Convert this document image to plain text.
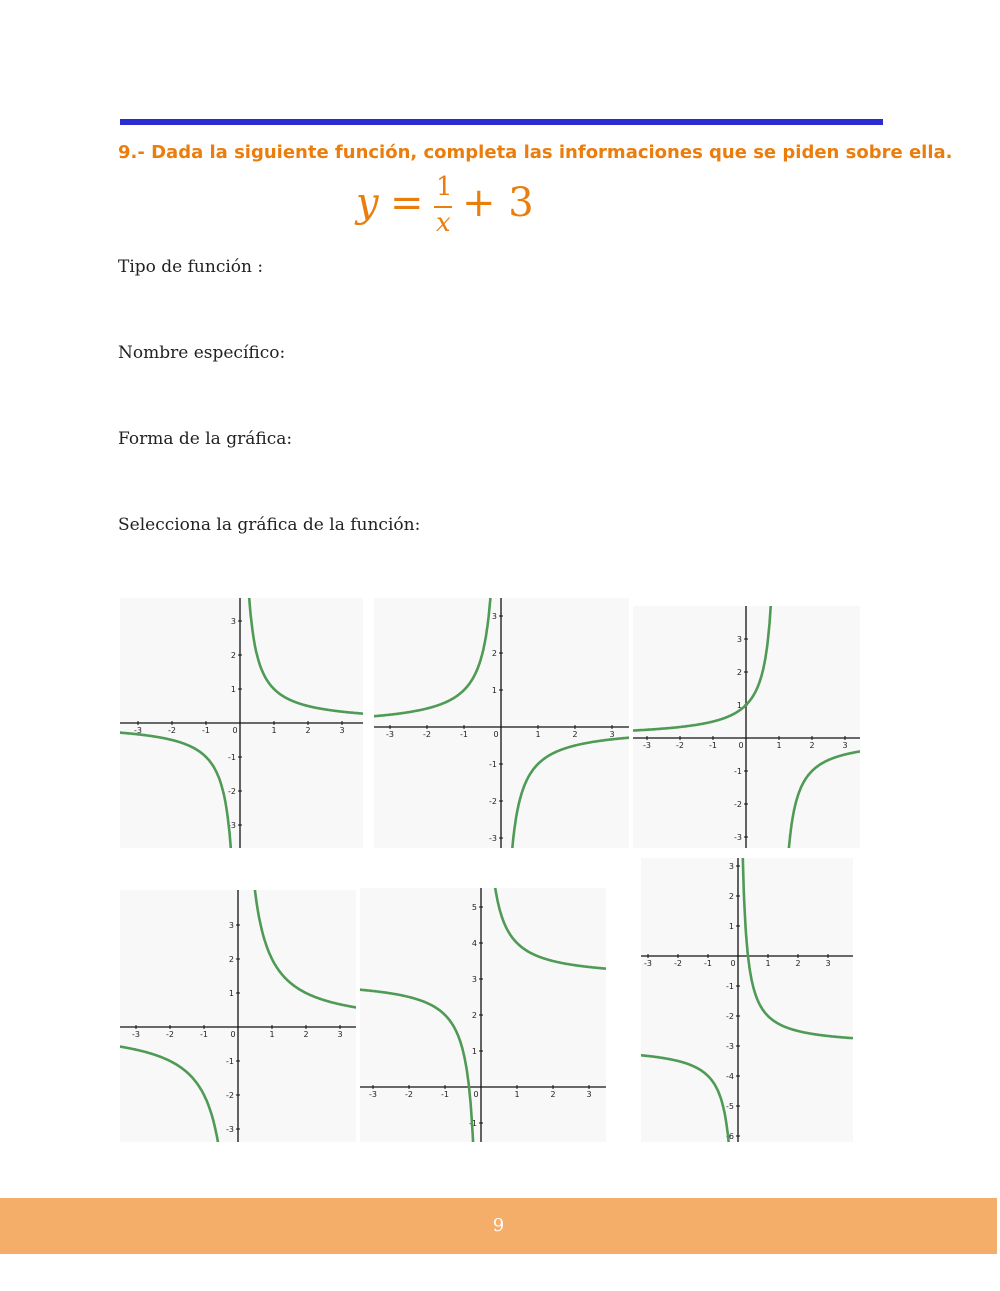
9.- Dada la siguiente función, completa las informaciones que se piden sobre ella.

y = 1
x + 3

Tipo de función :

Nombre específico:

Forma de la gráfica:

Selecciona la gráfica de la función:

-3	-2	-1	0	1	2	3
3
2
1
-1
-2
-3
-3	-2	-1	0	1	2	3
3
2
1
-1
-2
-3
-3	-2	-1	0	1	2	3
3
2
1
-1
-2
-3
-3	-2	-1	0	1	2	3
3
2
1
-1
-2
-3
-3	-2	-1	0	1	2	3
5
4
3
2
1
-1
-3	-2	-1 0	1	2	3
3
2
1
-1
-2
-3
-4
-5
-6
9
